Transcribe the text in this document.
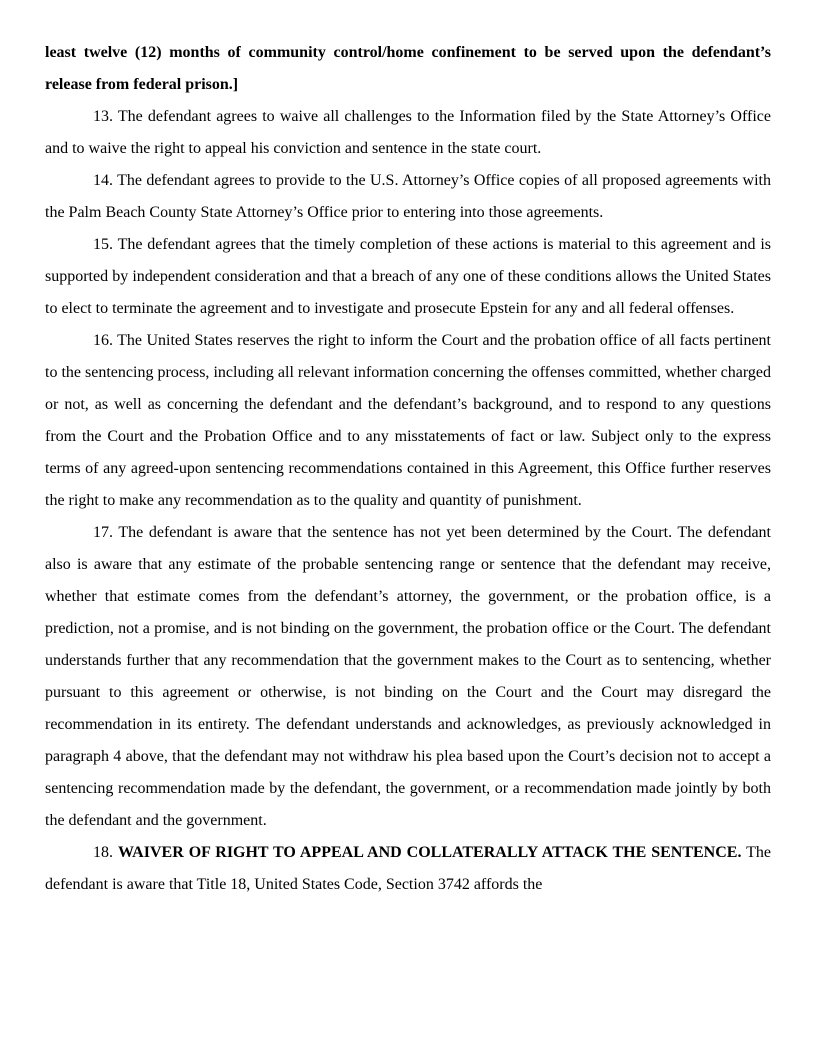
least twelve (12) months of community control/home confinement to be served upon the defendant’s release from federal prison.]

13. The defendant agrees to waive all challenges to the Information filed by the State Attorney’s Office and to waive the right to appeal his conviction and sentence in the state court.

14. The defendant agrees to provide to the U.S. Attorney’s Office copies of all proposed agreements with the Palm Beach County State Attorney’s Office prior to entering into those agreements.

15. The defendant agrees that the timely completion of these actions is material to this agreement and is supported by independent consideration and that a breach of any one of these conditions allows the United States to elect to terminate the agreement and to investigate and prosecute Epstein for any and all federal offenses.

16. The United States reserves the right to inform the Court and the probation office of all facts pertinent to the sentencing process, including all relevant information concerning the offenses committed, whether charged or not, as well as concerning the defendant and the defendant’s background, and to respond to any questions from the Court and the Probation Office and to any misstatements of fact or law. Subject only to the express terms of any agreed-upon sentencing recommendations contained in this Agreement, this Office further reserves the right to make any recommendation as to the quality and quantity of punishment.

17. The defendant is aware that the sentence has not yet been determined by the Court. The defendant also is aware that any estimate of the probable sentencing range or sentence that the defendant may receive, whether that estimate comes from the defendant’s attorney, the government, or the probation office, is a prediction, not a promise, and is not binding on the government, the probation office or the Court. The defendant understands further that any recommendation that the government makes to the Court as to sentencing, whether pursuant to this agreement or otherwise, is not binding on the Court and the Court may disregard the recommendation in its entirety. The defendant understands and acknowledges, as previously acknowledged in paragraph 4 above, that the defendant may not withdraw his plea based upon the Court’s decision not to accept a sentencing recommendation made by the defendant, the government, or a recommendation made jointly by both the defendant and the government.

18. WAIVER OF RIGHT TO APPEAL AND COLLATERALLY ATTACK THE SENTENCE. The defendant is aware that Title 18, United States Code, Section 3742 affords the
